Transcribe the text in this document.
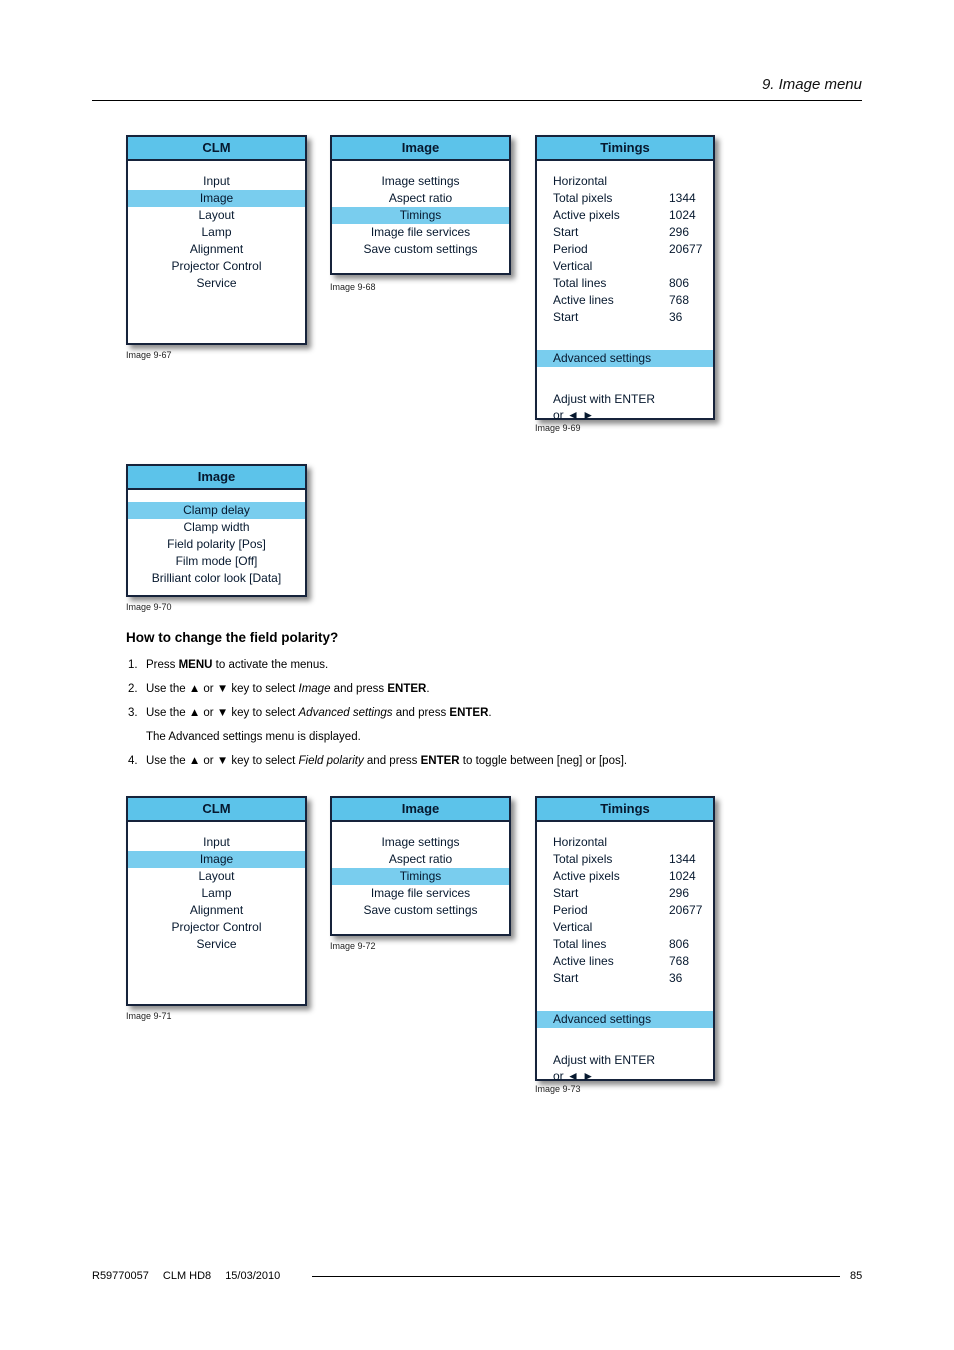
9. Image menu
CLM
Input
Image
Layout
Lamp
Alignment
Projector Control
Service
Image 9-67
Image
Image settings
Aspect ratio
Timings
Image file services
Save custom settings
Image 9-68
Timings
Horizontal
Total pixels	1344
Active pixels	1024
Start	296
Period	20677
Vertical
Total lines	806
Active lines	768
Start	36
Advanced settings
Adjust with ENTER
or ◄ ►
Image 9-69
Image
Clamp delay
Clamp width
Field polarity [Pos]
Film mode [Off]
Brilliant color look [Data]
Image 9-70
How to change the field polarity?
1. Press MENU to activate the menus.
2. Use the ▲ or ▼ key to select Image and press ENTER.
3. Use the ▲ or ▼ key to select Advanced settings and press ENTER.
The Advanced settings menu is displayed.
4. Use the ▲ or ▼ key to select Field polarity and press ENTER to toggle between [neg] or [pos].
CLM
Input
Image
Layout
Lamp
Alignment
Projector Control
Service
Image 9-71
Image
Image settings
Aspect ratio
Timings
Image file services
Save custom settings
Image 9-72
Timings
Horizontal
Total pixels	1344
Active pixels	1024
Start	296
Period	20677
Vertical
Total lines	806
Active lines	768
Start	36
Advanced settings
Adjust with ENTER
or ◄ ►
Image 9-73
R59770057 CLM HD8 15/03/2010	85
